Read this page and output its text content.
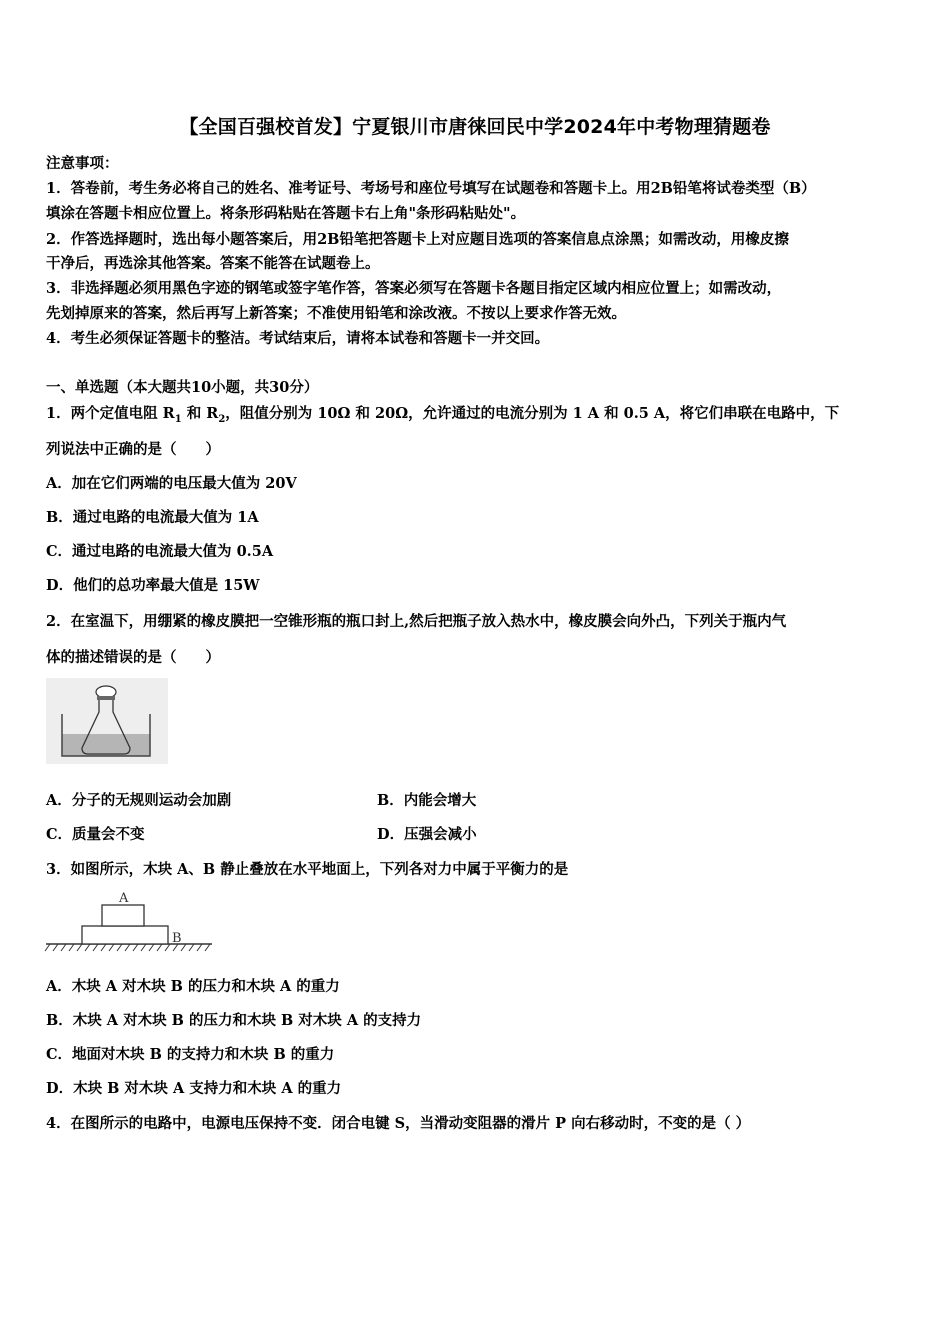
【全国百强校首发】宁夏银川市唐徕回民中学2024年中考物理猜题卷
注意事项：
1．答卷前，考生务必将自己的姓名、准考证号、考场号和座位号填写在试题卷和答题卡上。用2B铅笔将试卷类型（B）
填涂在答题卡相应位置上。将条形码粘贴在答题卡右上角"条形码粘贴处"。
2．作答选择题时，选出每小题答案后，用2B铅笔把答题卡上对应题目选项的答案信息点涂黑；如需改动，用橡皮擦
干净后，再选涂其他答案。答案不能答在试题卷上。
3．非选择题必须用黑色字迹的钢笔或签字笔作答，答案必须写在答题卡各题目指定区域内相应位置上；如需改动，
先划掉原来的答案，然后再写上新答案；不准使用铅笔和涂改液。不按以上要求作答无效。
4．考生必须保证答题卡的整洁。考试结束后，请将本试卷和答题卡一并交回。
一、单选题（本大题共10小题，共30分）
1．两个定值电阻 $R_1$ 和 $R_2$，阻值分别为 10Ω 和 20Ω，允许通过的电流分别为 1 A 和 0.5 A，将它们串联在电路中，下
列说法中正确的是（　　）
A．加在它们两端的电压最大值为 20V
B．通过电路的电流最大值为 1A
C．通过电路的电流最大值为 0.5A
D．他们的总功率最大值是 15W
2．在室温下，用绷紧的橡皮膜把一空锥形瓶的瓶口封上,然后把瓶子放入热水中，橡皮膜会向外凸，下列关于瓶内气
体的描述错误的是（　　）
A．分子的无规则运动会加剧	B．内能会增大
C．质量会不变	D．压强会减小
3．如图所示，木块 A、B 静止叠放在水平地面上，下列各对力中属于平衡力的是
A
B
A．木块 A 对木块 B 的压力和木块 A 的重力
B．木块 A 对木块 B 的压力和木块 B 对木块 A 的支持力
C．地面对木块 B 的支持力和木块 B 的重力
D．木块 B 对木块 A 支持力和木块 A 的重力
4．在图所示的电路中，电源电压保持不变．闭合电键 S，当滑动变阻器的滑片 P 向右移动时，不变的是（ ）
